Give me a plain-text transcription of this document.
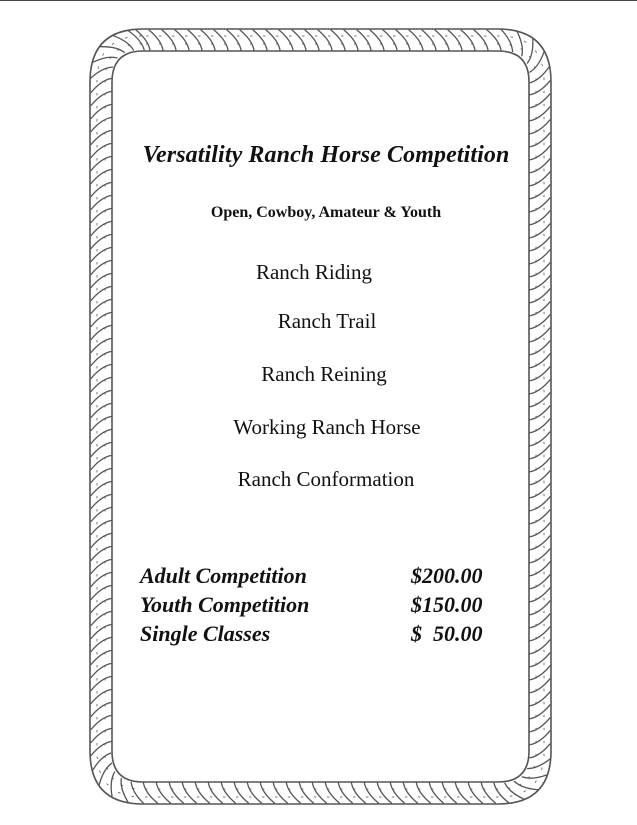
Versatility Ranch Horse Competition
Open, Cowboy, Amateur & Youth
Ranch Riding
Ranch Trail
Ranch Reining
Working Ranch Horse
Ranch Conformation
Adult Competition	$200.00
Youth Competition	$150.00
Single Classes	$  50.00
